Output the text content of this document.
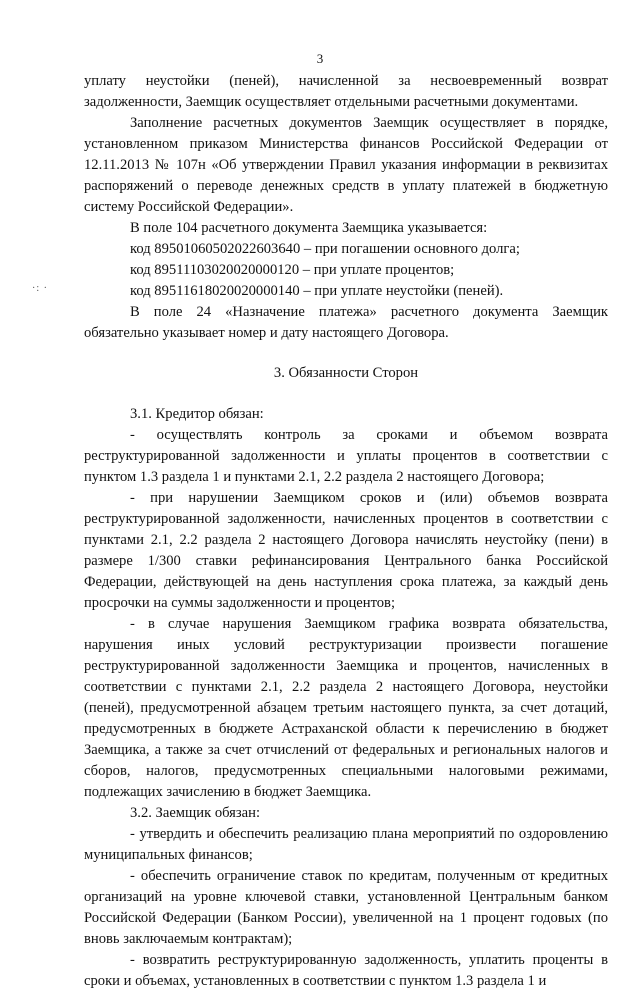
3
·: ·

уплату неустойки (пеней), начисленной за несвоевременный возврат задолженности, Заемщик осуществляет отдельными расчетными документами.

Заполнение расчетных документов Заемщик осуществляет в порядке, установленном приказом Министерства финансов Российской Федерации от 12.11.2013 № 107н «Об утверждении Правил указания информации в реквизитах распоряжений о переводе денежных средств в уплату платежей в бюджетную систему Российской Федерации».

В поле 104 расчетного документа Заемщика указывается:

код 89501060502022603640 – при погашении основного долга;

код 89511103020020000120 – при уплате процентов;

код 89511618020020000140 – при уплате неустойки (пеней).

В поле 24 «Назначение платежа» расчетного документа Заемщик обязательно указывает номер и дату настоящего Договора.

3. Обязанности Сторон

3.1. Кредитор обязан:

- осуществлять контроль за сроками и объемом возврата реструктурированной задолженности и уплаты процентов в соответствии с пунктом 1.3 раздела 1 и пунктами 2.1, 2.2 раздела 2 настоящего Договора;

- при нарушении Заемщиком сроков и (или) объемов возврата реструктурированной задолженности, начисленных процентов в соответствии с пунктами 2.1, 2.2 раздела 2 настоящего Договора начислять неустойку (пени) в размере 1/300 ставки рефинансирования Центрального банка Российской Федерации, действующей на день наступления срока платежа, за каждый день просрочки на суммы задолженности и процентов;

- в случае нарушения Заемщиком графика возврата обязательства, нарушения иных условий реструктуризации произвести погашение реструктурированной задолженности Заемщика и процентов, начисленных в соответствии с пунктами 2.1, 2.2 раздела 2 настоящего Договора, неустойки (пеней), предусмотренной абзацем третьим настоящего пункта, за счет дотаций, предусмотренных в бюджете Астраханской области к перечислению в бюджет Заемщика, а также за счет отчислений от федеральных и региональных налогов и сборов, налогов, предусмотренных специальными налоговыми режимами, подлежащих зачислению в бюджет Заемщика.

3.2. Заемщик обязан:

- утвердить и обеспечить реализацию плана мероприятий по оздоровлению муниципальных финансов;

- обеспечить ограничение ставок по кредитам, полученным от кредитных организаций на уровне ключевой ставки, установленной Центральным банком Российской Федерации (Банком России), увеличенной на 1 процент годовых (по вновь заключаемым контрактам);

- возвратить реструктурированную задолженность, уплатить проценты в сроки и объемах, установленных в соответствии с пунктом 1.3 раздела 1 и
